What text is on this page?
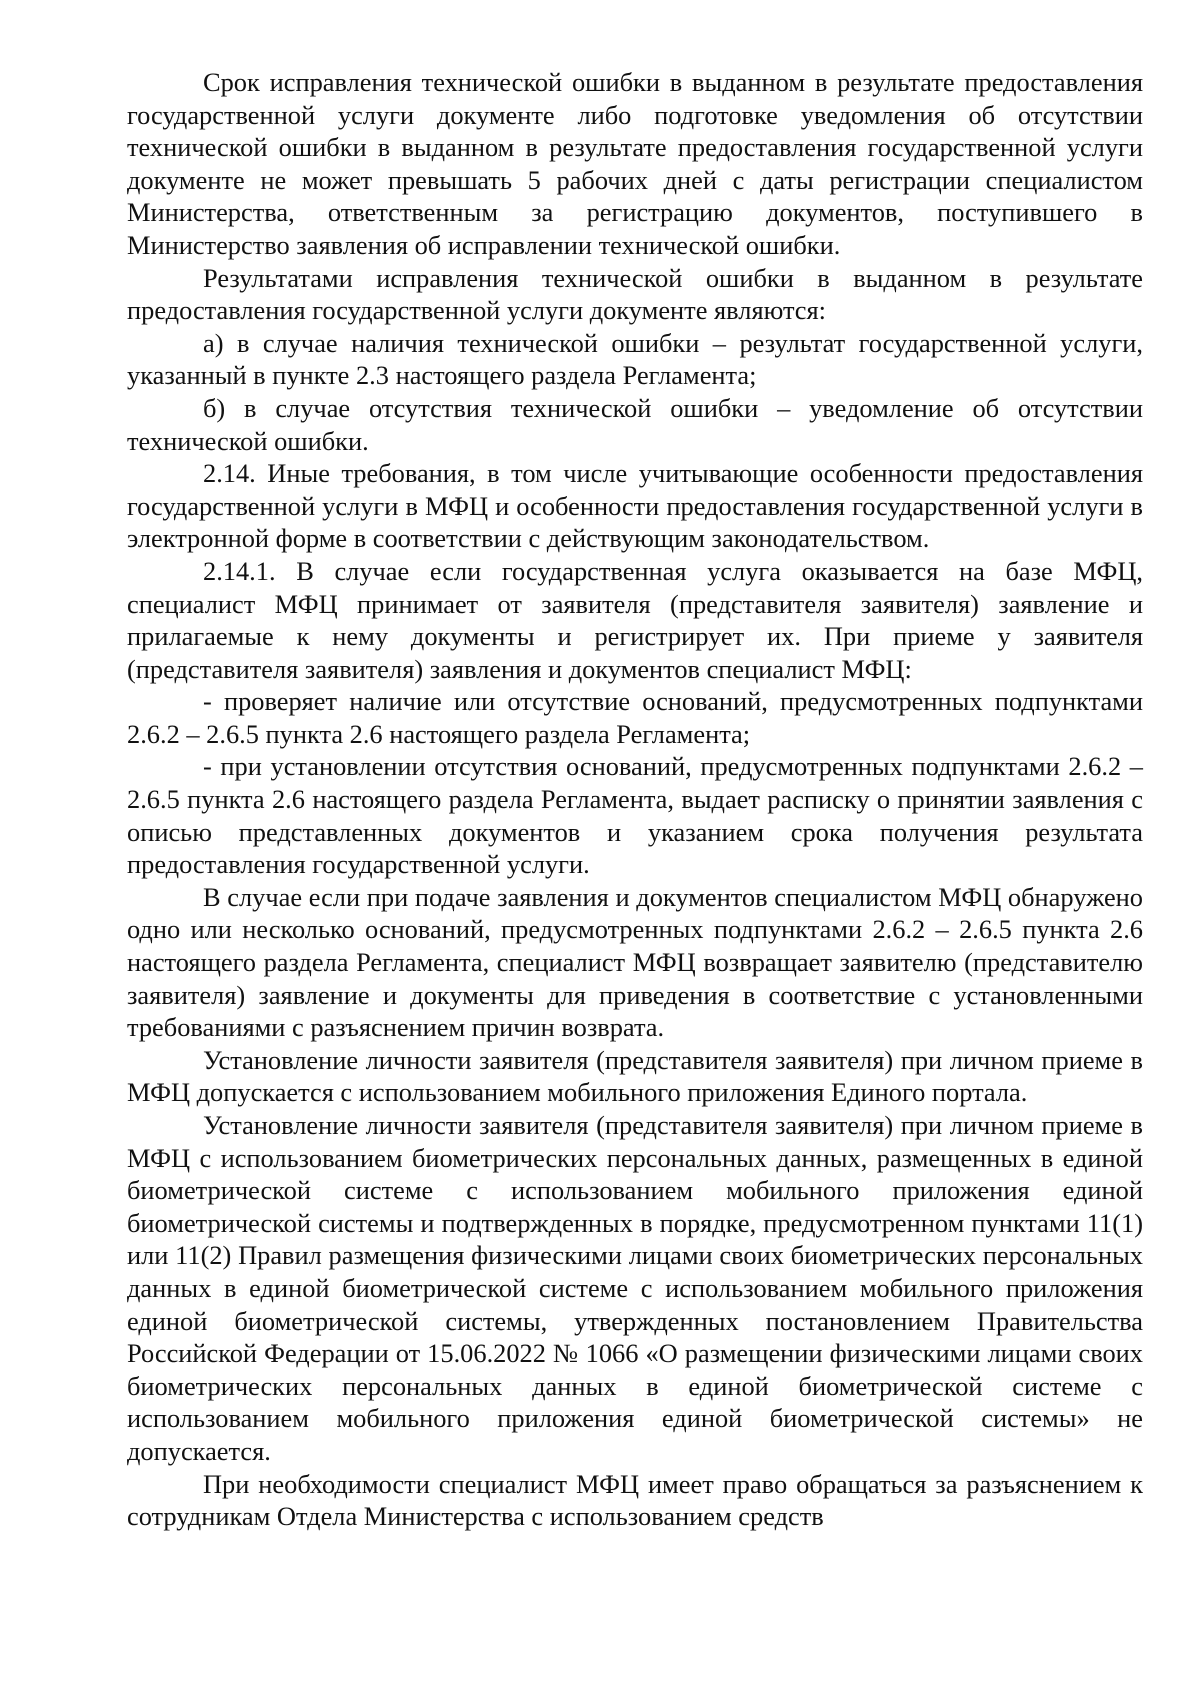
Срок исправления технической ошибки в выданном в результате предоставления государственной услуги документе либо подготовке уведомления об отсутствии технической ошибки в выданном в результате предоставления государственной услуги документе не может превышать 5 рабочих дней с даты регистрации специалистом Министерства, ответственным за регистрацию документов, поступившего в Министерство заявления об исправлении технической ошибки.

Результатами исправления технической ошибки в выданном в результате предоставления государственной услуги документе являются:

а) в случае наличия технической ошибки – результат государственной услуги, указанный в пункте 2.3 настоящего раздела Регламента;

б) в случае отсутствия технической ошибки – уведомление об отсутствии технической ошибки.

2.14. Иные требования, в том числе учитывающие особенности предоставления государственной услуги в МФЦ и особенности предоставления государственной услуги в электронной форме в соответствии с действующим законодательством.

2.14.1. В случае если государственная услуга оказывается на базе МФЦ, специалист МФЦ принимает от заявителя (представителя заявителя) заявление и прилагаемые к нему документы и регистрирует их. При приеме у заявителя (представителя заявителя) заявления и документов специалист МФЦ:

- проверяет наличие или отсутствие оснований, предусмотренных подпунктами 2.6.2 – 2.6.5 пункта 2.6 настоящего раздела Регламента;

- при установлении отсутствия оснований, предусмотренных подпунктами 2.6.2 – 2.6.5 пункта 2.6 настоящего раздела Регламента, выдает расписку о принятии заявления с описью представленных документов и указанием срока получения результата предоставления государственной услуги.

В случае если при подаче заявления и документов специалистом МФЦ обнаружено одно или несколько оснований, предусмотренных подпунктами 2.6.2 – 2.6.5 пункта 2.6 настоящего раздела Регламента, специалист МФЦ возвращает заявителю (представителю заявителя) заявление и документы для приведения в соответствие с установленными требованиями с разъяснением причин возврата.

Установление личности заявителя (представителя заявителя) при личном приеме в МФЦ допускается с использованием мобильного приложения Единого портала.

Установление личности заявителя (представителя заявителя) при личном приеме в МФЦ с использованием биометрических персональных данных, размещенных в единой биометрической системе с использованием мобильного приложения единой биометрической системы и подтвержденных в порядке, предусмотренном пунктами 11(1) или 11(2) Правил размещения физическими лицами своих биометрических персональных данных в единой биометрической системе с использованием мобильного приложения единой биометрической системы, утвержденных постановлением Правительства Российской Федерации от 15.06.2022 № 1066 «О размещении физическими лицами своих биометрических персональных данных в единой биометрической системе с использованием мобильного приложения единой биометрической системы» не допускается.

При необходимости специалист МФЦ имеет право обращаться за разъяснением к сотрудникам Отдела Министерства с использованием средств
